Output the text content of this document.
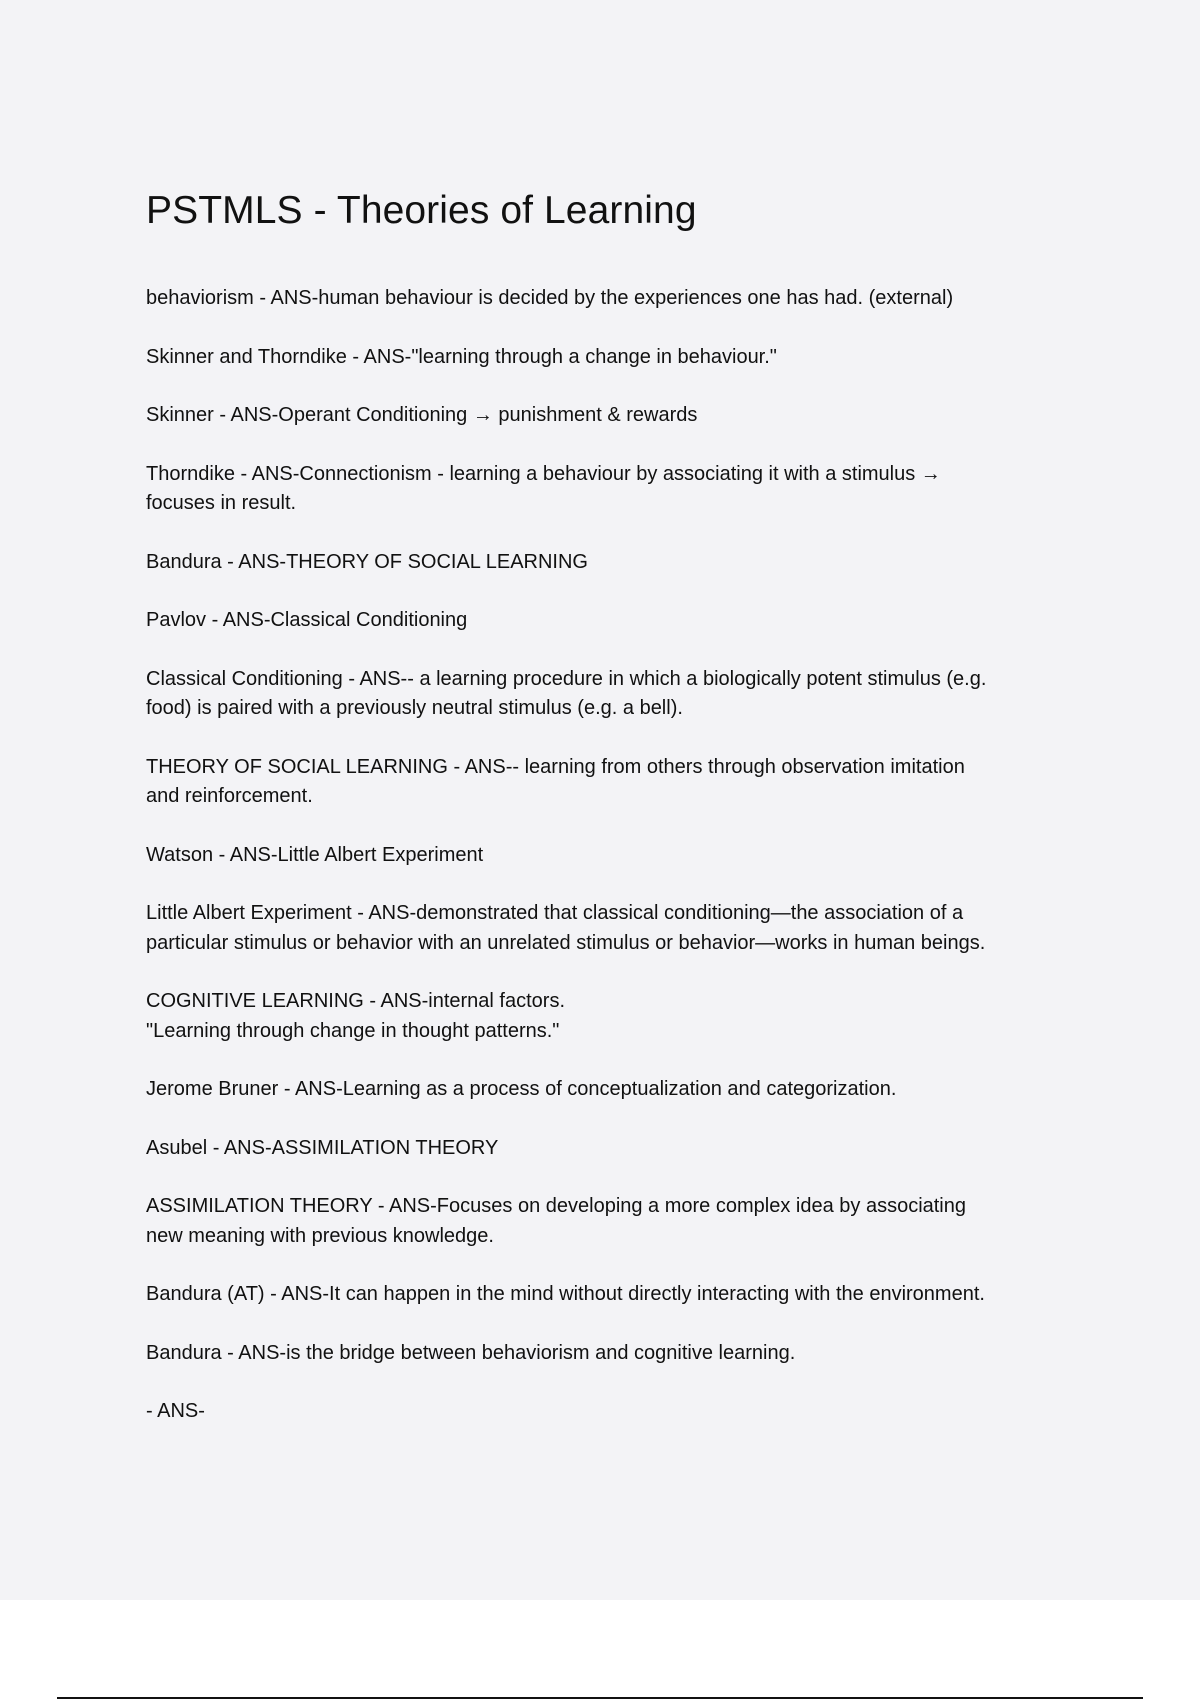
PSTMLS - Theories of Learning

behaviorism - ANS-human behaviour is decided by the experiences one has had. (external)

Skinner and Thorndike - ANS-"learning through a change in behaviour."

Skinner - ANS-Operant Conditioning → punishment & rewards

Thorndike - ANS-Connectionism - learning a behaviour by associating it with a stimulus →
focuses in result.

Bandura - ANS-THEORY OF SOCIAL LEARNING

Pavlov - ANS-Classical Conditioning

Classical Conditioning - ANS-- a learning procedure in which a biologically potent stimulus (e.g.
food) is paired with a previously neutral stimulus (e.g. a bell).

THEORY OF SOCIAL LEARNING - ANS-- learning from others through observation imitation
and reinforcement.

Watson - ANS-Little Albert Experiment

Little Albert Experiment - ANS-demonstrated that classical conditioning—the association of a
particular stimulus or behavior with an unrelated stimulus or behavior—works in human beings.

COGNITIVE LEARNING - ANS-internal factors.
"Learning through change in thought patterns."

Jerome Bruner - ANS-Learning as a process of conceptualization and categorization.

Asubel - ANS-ASSIMILATION THEORY

ASSIMILATION THEORY - ANS-Focuses on developing a more complex idea by associating
new meaning with previous knowledge.

Bandura (AT) - ANS-It can happen in the mind without directly interacting with the environment.

Bandura - ANS-is the bridge between behaviorism and cognitive learning.

- ANS-
